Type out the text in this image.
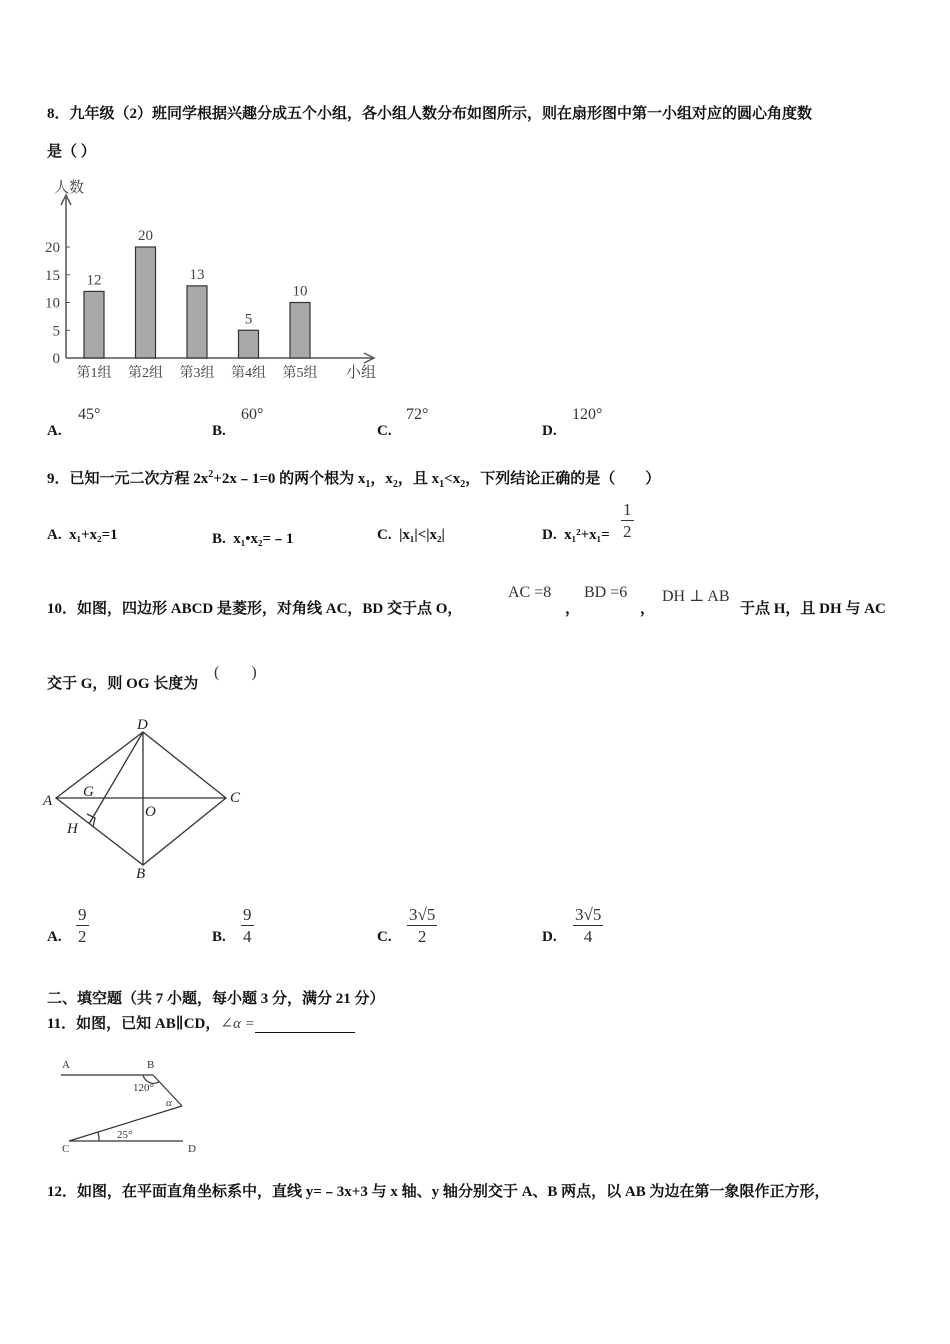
8．九年级（2）班同学根据兴趣分成五个小组，各小组人数分布如图所示，则在扇形图中第一小组对应的圆心角度数
是（ ）
人数
小组
0
5
10
15
20
12
第1组
20
第2组
13
第3组
5
第4组
10
第5组
A.
45°
B.
60°
C.
72°
D.
120°
9．已知一元二次方程 $2x^2+2x﹣1=0$ 的两个根为 $x_1$，$x_2$，且 $x_1<x_2$，下列结论正确的是（　　）
A. x₁+x₂=1	B. x₁•x₂=﹣1	C. |x₁|<|x₂|	D. $x_1^2+x_1= \frac{1}{2}$
10．如图，四边形 ABCD 是菱形，对角线 AC，BD 交于点 O，
AC =8
，
BD =6
，
DH ⊥ AB
于点 H，且 DH 与 AC
交于 G，则 OG 长度为
(　　)
D
A	C
B
O
G
H
A. $\frac{9}{2}$	B. $\frac{9}{4}$	C. $\frac{3√5}{2}$	D. $\frac{3√5}{4}$
二、填空题（共 7 小题，每小题 3 分，满分 21 分）
11．如图，已知 AB∥CD，∠α =
A	B
C	D
120°
25°
α
12．如图，在平面直角坐标系中，直线 y=﹣3x+3 与 x 轴、y 轴分别交于 A、B 两点，以 AB 为边在第一象限作正方形，
